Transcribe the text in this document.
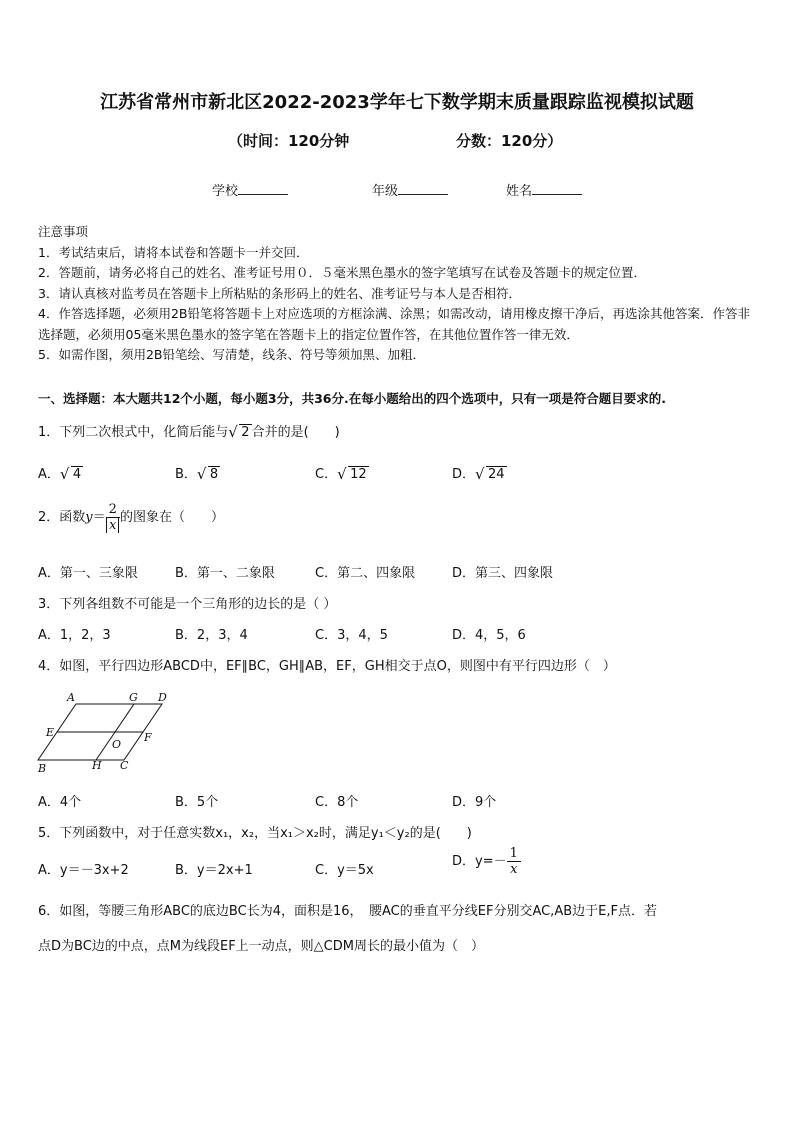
江苏省常州市新北区2022-2023学年七下数学期末质量跟踪监视模拟试题
（时间：120分钟	分数：120分）
学校	年级	姓名
注意事项
1．考试结束后，请将本试卷和答题卡一并交回．
2．答题前，请务必将自己的姓名、准考证号用０．５毫米黑色墨水的签字笔填写在试卷及答题卡的规定位置．
3．请认真核对监考员在答题卡上所粘贴的条形码上的姓名、准考证号与本人是否相符．
4．作答选择题，必须用2B铅笔将答题卡上对应选项的方框涂满、涂黑；如需改动，请用橡皮擦干净后，再选涂其他答案．作答非选择题，必须用05毫米黑色墨水的签字笔在答题卡上的指定位置作答，在其他位置作答一律无效．
5．如需作图，须用2B铅笔绘、写清楚，线条、符号等须加黑、加粗．
一、选择题：本大题共12个小题，每小题3分，共36分.在每小题给出的四个选项中，只有一项是符合题目要求的.
1．下列二次根式中，化简后能与 √ 2 合并的是(　　)
A． √ 4	B． √ 8	C． √ 12	D． √ 24
2．函数$y= \frac{2}{x}$ 的图象在（　　）
A．第一、三象限	B．第一、二象限	C．第二、四象限	D．第三、四象限
3．下列各组数不可能是一个三角形的边长的是（ ）
A．1，2，3	B．2，3，4	C．3，4，5	D．4，5，6
4．如图，平行四边形ABCD中，EF∥BC，GH∥AB，EF，GH相交于点O，则图中有平行四边形（　）
A	G D
E
O
F
B	H C
A．4个	B．5个	C．8个	D．9个
5．下列函数中，对于任意实数x₁，x₂，当x₁＞x₂时，满足y₁＜y₂的是(　　)
A．y＝－3x+2	B．y＝2x+1	C．y＝5x
D．$y=- \frac{1}{x}$
6．如图，等腰三角形ABC的底边BC长为4，面积是16，　腰AC的垂直平分线EF分别交AC,AB边于E,F点．若
点D为BC边的中点，点M为线段EF上一动点，则△CDM周长的最小值为（　）
